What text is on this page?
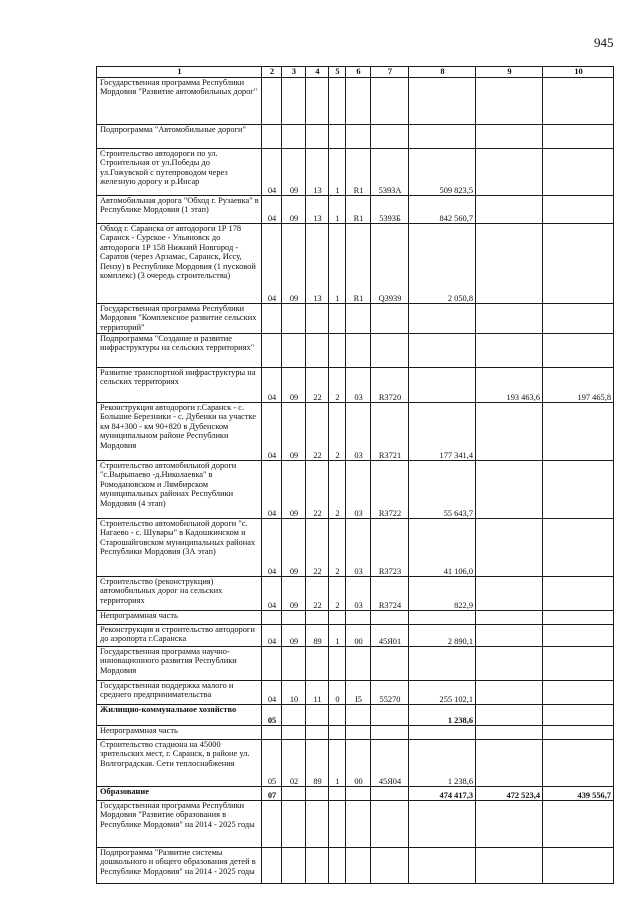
945
1	2	3	4	5	6	7	8	9	10
Государственная программа Республики Мордовия "Развитие автомобильных дорог"									
Подпрограмма "Автомобильные дороги"									
Строительство автодороги по ул. Строительная от ул.Победы до ул.Гожувской с путепроводом через железную дорогу и р.Инсар	04	09	13	1	R1	5393А	509 823,5		
Автомобильная дорога "Обход г. Рузаевка" в Республике Мордовия (1 этап)	04	09	13	1	R1	5393Б	842 560,7		
Обход г. Саранска от автодороги 1Р 178 Саранск - Сурское - Ульяновск до автодороги 1Р 158 Нижний Новгород - Саратов (через Арзамас, Саранск, Иссу, Пензу) в Республике Мордовия (1 пусковой комплекс) (3 очередь строительства)	04	09	13	1	R1	Q3939	2 050,8		
Государственная программа Республики Мордовия "Комплексное развитие сельских территорий"									
Подпрограмма "Создание и развитие инфраструктуры на сельских территориях"									
Развитие транспортной инфраструктуры на сельских территориях	04	09	22	2	03	R3720		193 463,6	197 465,8
Реконструкция автодороги г.Саранск - с. Большие Березники - с. Дубенки на участке км 84+300 - км 90+820 в Дубенском муниципальном районе Республики Мордовия	04	09	22	2	03	R3721	177 341,4		
Строительство автомобильной дороги "с.Вырыпаево -д.Николаевка" в Ромодановском и Лямбирском муниципальных районах Республики Мордовия (4 этап)	04	09	22	2	03	R3722	55 643,7		
Строительство автомобильной дороги "с. Нагаево - с. Шувары" в Кадошкинском и Старошайговском муниципальных районах Республики Мордовия (3А этап)	04	09	22	2	03	R3723	41 106,0		
Строительство (реконструкция) автомобильных дорог на сельских территориях	04	09	22	2	03	R3724	822,9		
Непрограммная часть									
Реконструкция и строительство автодороги до аэропорта г.Саранска	04	09	89	1	00	45Я01	2 890,1		
Государственная программа научно-инновационного развития Республики Мордовия									
Государственная поддержка малого и среднего предпринимательства	04	10	11	0	I5	55270	255 102,1		
Жилищно-коммунальное хозяйство	05						1 238,6		
Непрограммная часть									
Строительство стадиона на 45000 зрительских мест, г. Саранск, в районе ул. Волгоградская. Сети теплоснабжения	05	02	89	1	00	45Я04	1 238,6		
Образование	07						474 417,3	472 523,4	439 556,7
Государственная программа Республики Мордовия "Развитие образования в Республике Мордовия" на 2014 - 2025 годы									
Подпрограмма "Развитие системы дошкольного и общего образования детей в Республике Мордовия" на 2014 - 2025 годы									
